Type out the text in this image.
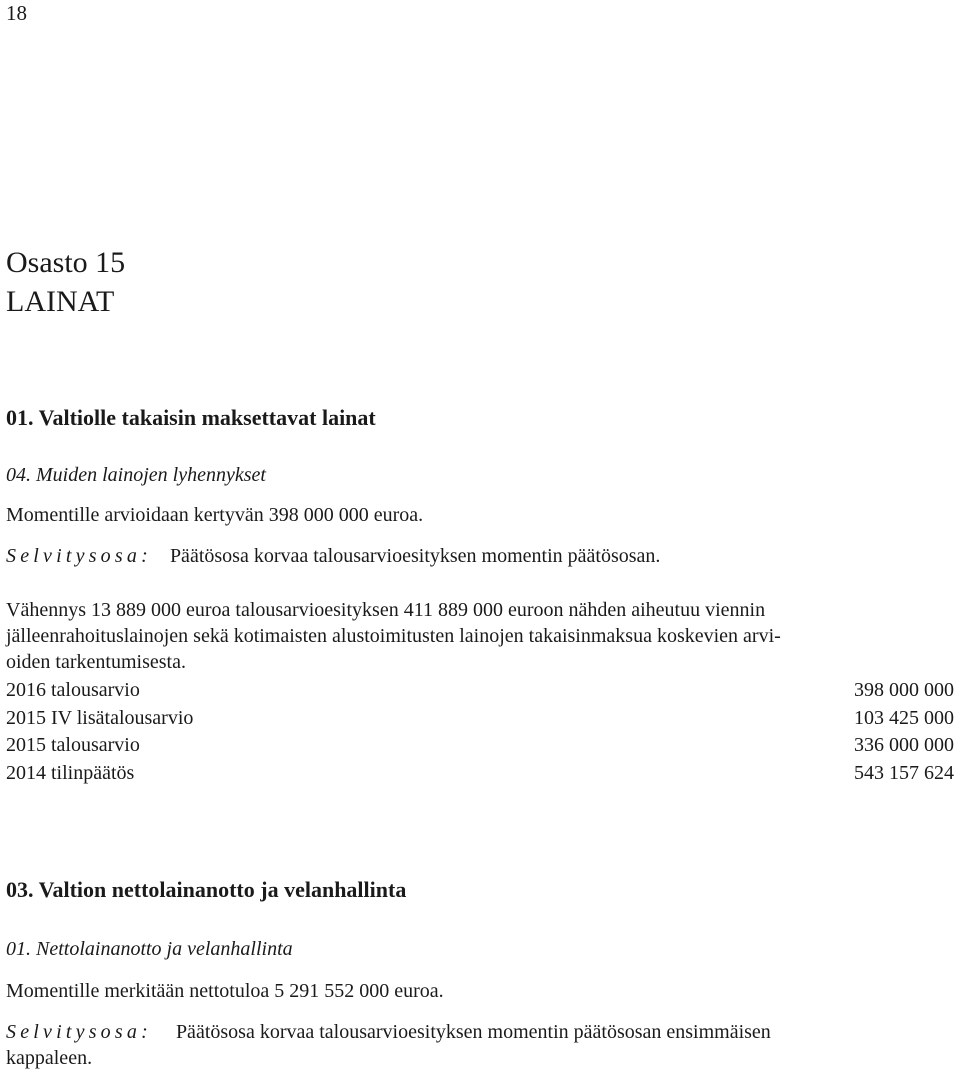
18
Osasto 15
LAINAT
01. Valtiolle takaisin maksettavat lainat
04. Muiden lainojen lyhennykset
Momentille arvioidaan kertyvän 398 000 000 euroa.
Selvitysosa: Päätösosa korvaa talousarvioesityksen momentin päätösosan.
Vähennys 13 889 000 euroa talousarvioesityksen 411 889 000 euroon nähden aiheutuu viennin
jälleenrahoituslainojen sekä kotimaisten alustoimitusten lainojen takaisinmaksua koskevien arvi-
oiden tarkentumisesta.
2016 talousarvio	398 000 000
2015 IV lisätalousarvio	103 425 000
2015 talousarvio	336 000 000
2014 tilinpäätös	543 157 624
03. Valtion nettolainanotto ja velanhallinta
01. Nettolainanotto ja velanhallinta
Momentille merkitään nettotuloa 5 291 552 000 euroa.
Selvitysosa: Päätösosa korvaa talousarvioesityksen momentin päätösosan ensimmäisen
kappaleen.
